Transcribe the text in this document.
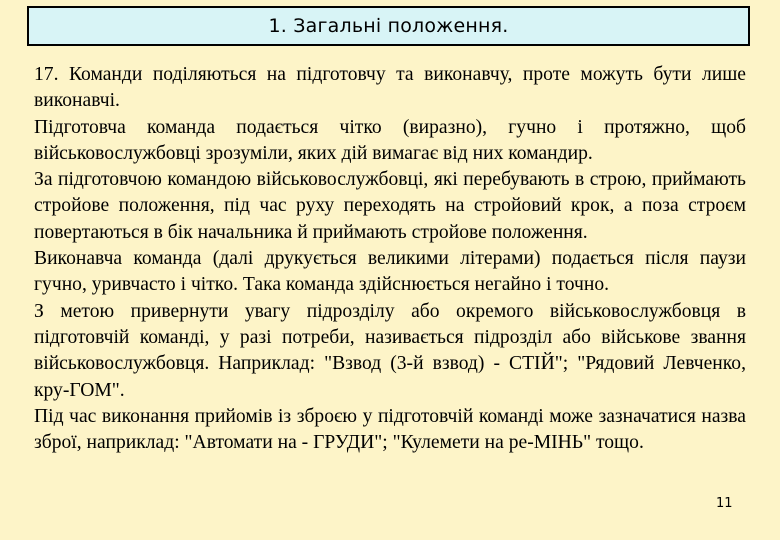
1. Загальні положення.

17. Команди поділяються на підготовчу та виконавчу, проте можуть бути лише виконавчі.

Підготовча команда подається чітко (виразно), гучно і протяжно, щоб військовослужбовці зрозуміли, яких дій вимагає від них командир.

За підготовчою командою військовослужбовці, які перебувають в строю, приймають стройове положення, під час руху переходять на стройовий крок, а поза строєм повертаються в бік начальника й приймають стройове положення.

Виконавча команда (далі друкується великими літерами) подається після паузи гучно, уривчасто і чітко. Така команда здійснюється негайно і точно.

З метою привернути увагу підрозділу або окремого військовослужбовця в підготовчій команді, у разі потреби, називається підрозділ або військове звання військовослужбовця. Наприклад: "Взвод (3-й взвод) - СТІЙ"; "Рядовий Левченко, кру-ГОМ".

Під час виконання прийомів із зброєю у підготовчій команді може зазначатися назва зброї, наприклад: "Автомати на - ГРУДИ"; "Кулемети на ре-МІНЬ" тощо.

11
